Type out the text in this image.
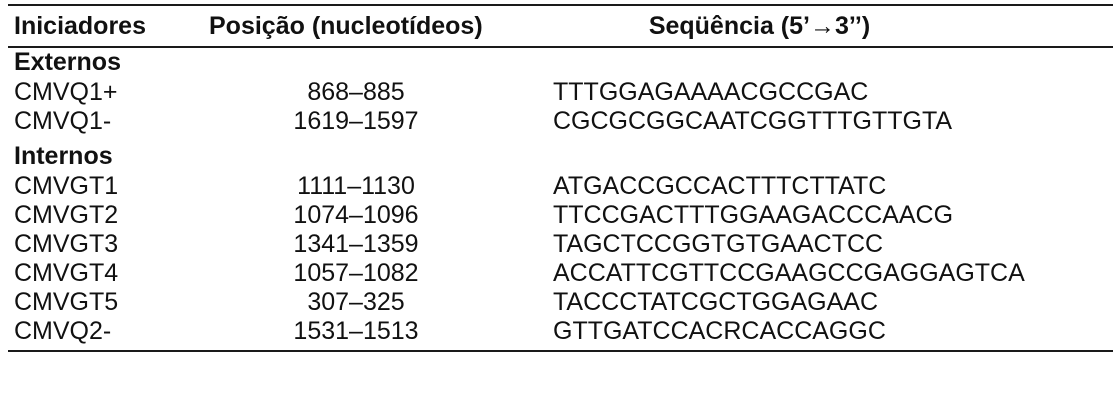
Iniciadores	Posição (nucleotídeos)	Seqüência (5’→3’’)
Externos
CMVQ1+	868–885	TTTGGAGAAAACGCCGAC
CMVQ1-	1619–1597	CGCGCGGCAATCGGTTTGTTGTA
Internos
CMVGT1	1111–1130	ATGACCGCCACTTTCTTATC
CMVGT2	1074–1096	TTCCGACTTTGGAAGACCCAACG
CMVGT3	1341–1359	TAGCTCCGGTGTGAACTCC
CMVGT4	1057–1082	ACCATTCGTTCCGAAGCCGAGGAGTCA
CMVGT5	307–325	TACCCTATCGCTGGAGAAC
CMVQ2-	1531–1513	GTTGATCCACRCACCAGGC
